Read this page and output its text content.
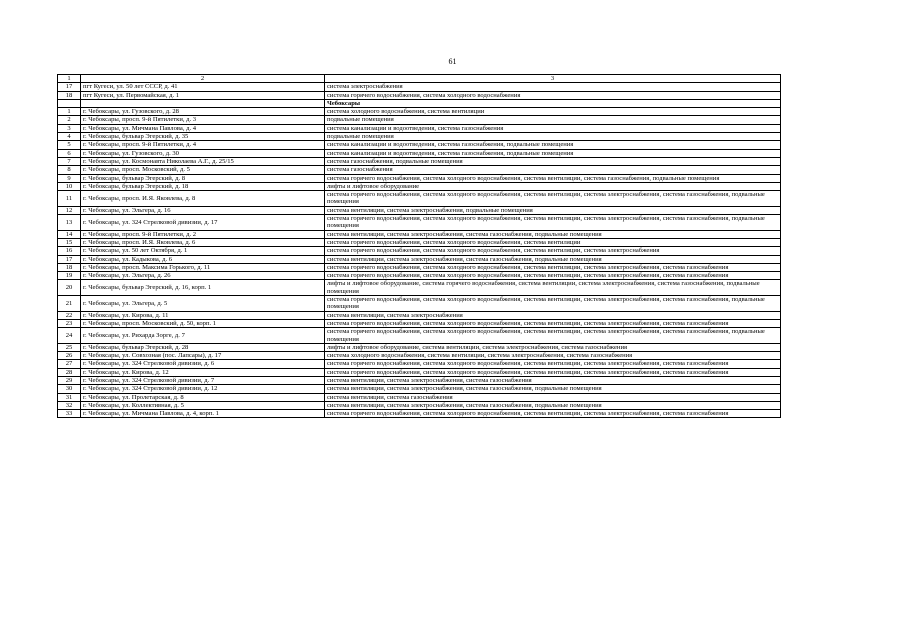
61
1	2	3
17	пгт Кугеси, ул. 50 лет СССР, д. 41	система электроснабжения
18	пгт Кугеси, ул. Первомайская, д. 1	система горячего водоснабжения, система холодного водоснабжения
		Чебоксары
1	г. Чебоксары, ул. Гузовского, д. 28	система холодного водоснабжения, система вентиляции
2	г. Чебоксары, просп. 9-й Пятилетки, д. 3	подвальные помещения
3	г. Чебоксары, ул. Мичмана Павлова, д. 4	система канализации и водоотведения, система газоснабжения
4	г. Чебоксары, бульвар Эгерский, д. 35	подвальные помещения
5	г. Чебоксары, просп. 9-й Пятилетки, д. 4	система канализации и водоотведения, система газоснабжения, подвальные помещения
6	г. Чебоксары, ул. Гузовского, д. 30	система канализации и водоотведения, система газоснабжения, подвальные помещения
7	г. Чебоксары, ул. Космонавта Николаева А.Г., д. 25/15	система газоснабжения, подвальные помещения
8	г. Чебоксары, просп. Московский, д. 5	система газоснабжения
9	г. Чебоксары, бульвар Эгерский, д. 8	система горячего водоснабжения, система холодного водоснабжения, система вентиляции, система газоснабжения, подвальные помещения
10	г. Чебоксары, бульвар Эгерский, д. 18	лифты и лифтовое оборудование
11	г. Чебоксары, просп. И.Я. Яковлева, д. 8	система горячего водоснабжения, система холодного водоснабжения, система вентиляции, система электроснабжения, система газоснабжения, подвальные помещения
12	г. Чебоксары, ул. Эльгера, д. 16	система вентиляции, система электроснабжения, подвальные помещения
13	г. Чебоксары, ул. 324 Стрелковой дивизии, д. 17	система горячего водоснабжения, система холодного водоснабжения, система вентиляции, система электроснабжения, система газоснабжения, подвальные помещения
14	г. Чебоксары, просп. 9-й Пятилетки, д. 2	система вентиляции, система электроснабжения, система газоснабжения, подвальные помещения
15	г. Чебоксары, просп. И.Я. Яковлева, д. 6	система горячего водоснабжения, система холодного водоснабжения, система вентиляции
16	г. Чебоксары, ул. 50 лет Октября, д. 1	система горячего водоснабжения, система холодного водоснабжения, система вентиляции, система электроснабжения
17	г. Чебоксары, ул. Кадыкова, д. 6	система вентиляции, система электроснабжения, система газоснабжения, подвальные помещения
18	г. Чебоксары, просп. Максима Горького, д. 11	система горячего водоснабжения, система холодного водоснабжения, система вентиляции, система электроснабжения, система газоснабжения
19	г. Чебоксары, ул. Эльгера, д. 26	система горячего водоснабжения, система холодного водоснабжения, система вентиляции, система электроснабжения, система газоснабжения
20	г. Чебоксары, бульвар Эгерский, д. 16, корп. 1	лифты и лифтовое оборудование, система горячего водоснабжения, система вентиляции, система электроснабжения, система газоснабжения, подвальные помещения
21	г. Чебоксары, ул. Эльгера, д. 5	система горячего водоснабжения, система холодного водоснабжения, система вентиляции, система электроснабжения, система газоснабжения, подвальные помещения
22	г. Чебоксары, ул. Кирова, д. 11	система вентиляции, система электроснабжения
23	г. Чебоксары, просп. Московский, д. 50, корп. 1	система горячего водоснабжения, система холодного водоснабжения, система вентиляции, система электроснабжения, система газоснабжения
24	г. Чебоксары, ул. Рихарда Зорге, д. 7	система горячего водоснабжения, система холодного водоснабжения, система вентиляции, система электроснабжения, система газоснабжения, подвальные помещения
25	г. Чебоксары, бульвар Эгерский, д. 28	лифты и лифтовое оборудование, система вентиляции, система электроснабжения, система газоснабжения
26	г. Чебоксары, ул. Совхозная (пос. Лапсары), д. 17	система холодного водоснабжения, система вентиляции, система электроснабжения, система газоснабжения
27	г. Чебоксары, ул. 324 Стрелковой дивизии, д. 6	система горячего водоснабжения, система холодного водоснабжения, система вентиляции, система электроснабжения, система газоснабжения
28	г. Чебоксары, ул. Кирова, д. 12	система горячего водоснабжения, система холодного водоснабжения, система вентиляции, система электроснабжения, система газоснабжения
29	г. Чебоксары, ул. 324 Стрелковой дивизии, д. 7	система вентиляции, система электроснабжения, система газоснабжения
30	г. Чебоксары, ул. 324 Стрелковой дивизии, д. 12	система вентиляции, система электроснабжения, система газоснабжения, подвальные помещения
31	г. Чебоксары, ул. Пролетарская, д. 8	система вентиляции, система газоснабжения
32	г. Чебоксары, ул. Коллективная, д. 5	система вентиляции, система электроснабжения, система газоснабжения, подвальные помещения
33	г. Чебоксары, ул. Мичмана Павлова, д. 4, корп. 1	система горячего водоснабжения, система холодного водоснабжения, система вентиляции, система электроснабжения, система газоснабжения
